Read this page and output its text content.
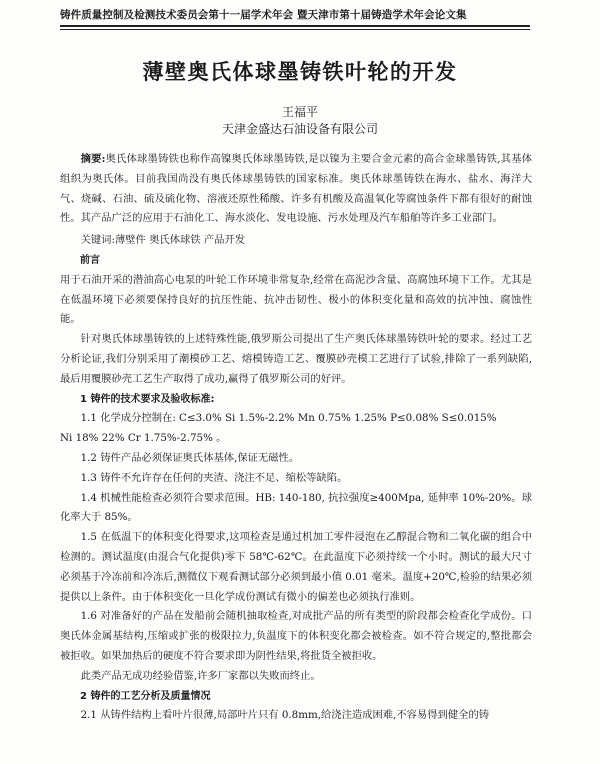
铸件质量控制及检测技术委员会第十一届学术年会 暨天津市第十届铸造学术年会论文集
薄壁奥氏体球墨铸铁叶轮的开发
王福平
天津金盛达石油设备有限公司

摘要:奥氏体球墨铸铁也称作高镍奥氏体球墨铸铁,是以镍为主要合金元素的高合金球墨铸铁,其基体组织为奥氏体。目前我国尚没有奥氏体球墨铸铁的国家标准。奥氏体球墨铸铁在海水、盐水、海洋大气、烧碱、石油、硫及硫化物、溶液还原性稀酸、许多有机酸及高温氧化等腐蚀条件下都有很好的耐蚀性。其产品广泛的应用于石油化工、海水淡化、发电设施、污水处理及汽车船舶等许多工业部门。

关键词:薄壁件 奥氏体球铁 产品开发

前言

用于石油开采的潜油高心电泵的叶轮工作环境非常复杂,经常在高泥沙含量、高腐蚀环境下工作。尤其是在低温环境下必须要保持良好的抗压性能、抗冲击韧性、极小的体积变化量和高效的抗冲蚀、腐蚀性能。

针对奥氏体球墨铸铁的上述特殊性能,俄罗斯公司提出了生产奥氏体球墨铸铁叶轮的要求。经过工艺分析论证,我们分别采用了潮模砂工艺、熔模铸造工艺、覆膜砂壳模工艺进行了试验,排除了一系列缺陷,最后用覆膜砂壳工艺生产取得了成功,赢得了俄罗斯公司的好评。

1 铸件的技术要求及验收标准:

1.1 化学成分控制在: C≤3.0% Si 1.5%-2.2% Mn 0.75% 1.25% P≤0.08% S≤0.015%

Ni 18% 22% Cr 1.75%-2.75% 。

1.2 铸件产品必须保证奥氏体基体,保证无磁性。

1.3 铸件不允许存在任何的夹渣、浇注不足、缩松等缺陷。

1.4 机械性能检查必须符合要求范围。HB: 140-180, 抗拉强度≥400Mpa, 延伸率 10%-20%。球化率大于 85%。

1.5 在低温下的体积变化得要求,这项检查是通过机加工零件浸泡在乙醇混合物和二氧化碳的组合中检测的。测试温度(由混合气化提供)零下 58℃-62℃。在此温度下必须持续一个小时。测试的最大尺寸必须基于冷冻前和冷冻后,测微仪下观看测试部分必须到最小值 0.01 毫米。温度+20℃,检验的结果必须提供以上条件。由于体积变化一旦化学成份测试有微小的偏差也必须执行准则。

1.6 对准备好的产品在发船前会随机抽取检查,对成批产品的所有类型的阶段都会检查化学成份。口奥氏体金属基结构,压缩或扩张的极限拉力,负温度下的体积变化都会被检查。如不符合规定的,整批都会被拒收。如果加热后的硬度不符合要求即为阴性结果,将批货全被拒收。

此类产品无成功经验借鉴,许多厂家都以失败而终止。

2 铸件的工艺分析及质量情况

2.1 从铸件结构上看叶片很薄,局部叶片只有 0.8mm,给浇注造成困难,不容易得到健全的铸
